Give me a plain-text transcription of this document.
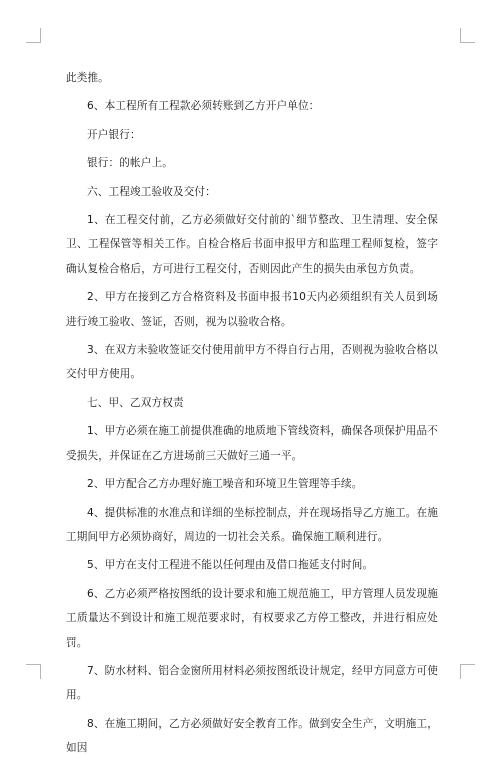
此类推。

6、本工程所有工程款必须转账到乙方开户单位：

开户银行：

银行：的帐户上。

六、工程竣工验收及交付：

1、在工程交付前，乙方必须做好交付前的`细节整改、卫生清理、安全保卫、工程保管等相关工作。自检合格后书面申报甲方和监理工程师复检，签字确认复检合格后，方可进行工程交付，否则因此产生的损失由承包方负责。

2、甲方在接到乙方合格资料及书面申报书10天内必须组织有关人员到场进行竣工验收、签证，否则，视为以验收合格。

3、在双方未验收签证交付使用前甲方不得自行占用，否则视为验收合格以交付甲方使用。

七、甲、乙双方权责

1、甲方必须在施工前提供准确的地质地下管线资料，确保各项保护用品不受损失，并保证在乙方进场前三天做好三通一平。

2、甲方配合乙方办理好施工噪音和环境卫生管理等手续。

4、提供标准的水准点和详细的坐标控制点，并在现场指导乙方施工。在施工期间甲方必须协商好，周边的一切社会关系。确保施工顺利进行。

5、甲方在支付工程进不能以任何理由及借口拖延支付时间。

6、乙方必须严格按图纸的设计要求和施工规范施工，甲方管理人员发现施工质量达不到设计和施工规范要求时，有权要求乙方停工整改，并进行相应处罚。

7、防水材料、铝合金窗所用材料必须按图纸设计规定，经甲方同意方可使用。

8、在施工期间，乙方必须做好安全教育工作。做到安全生产，文明施工，如因
